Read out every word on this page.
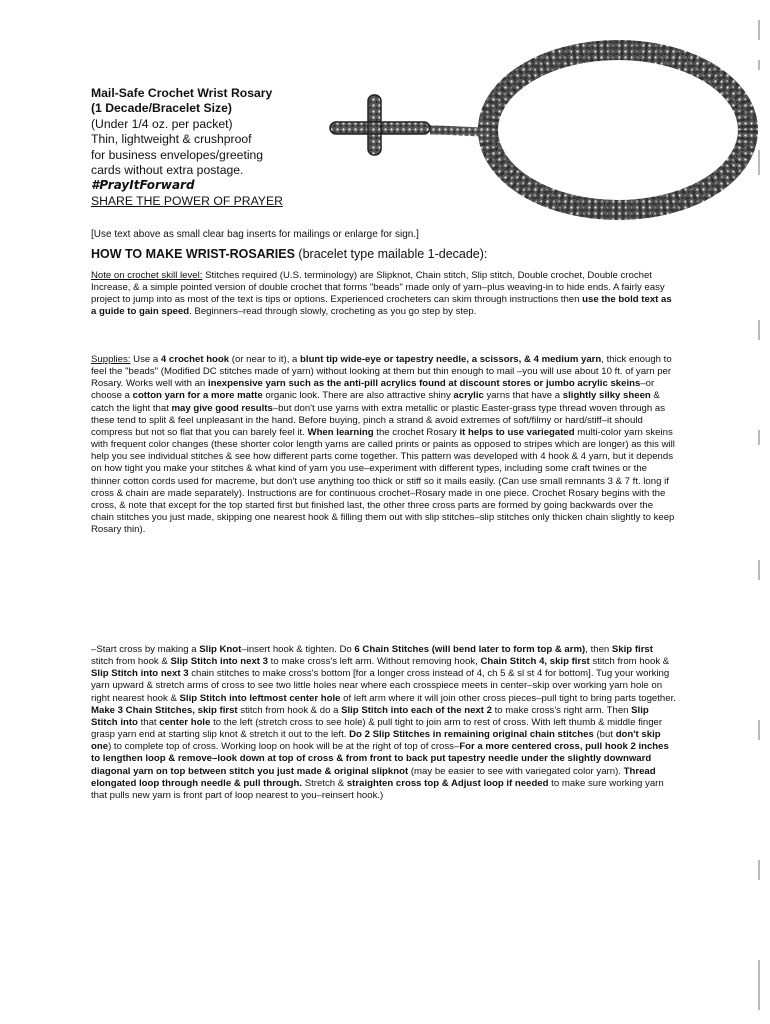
Mail-Safe Crochet Wrist Rosary
(1 Decade/Bracelet Size)
(Under 1/4 oz. per packet)
Thin, lightweight & crushproof
for business envelopes/greeting
cards without extra postage.
#PrayItForward
SHARE THE POWER OF PRAYER
[Use text above as small clear bag inserts for mailings or enlarge for sign.]
HOW TO MAKE WRIST-ROSARIES (bracelet type mailable 1-decade):
Note on crochet skill level: Stitches required (U.S. terminology) are Slipknot, Chain stitch, Slip stitch, Double crochet, Double crochet Increase, & a simple pointed version of double crochet that forms "beads" made only of yarn–plus weaving-in to hide ends. A fairly easy project to jump into as most of the text is tips or options. Experienced crocheters can skim through instructions then use the bold text as a guide to gain speed. Beginners–read through slowly, crocheting as you go step by step.
Supplies: Use a 4 crochet hook (or near to it), a blunt tip wide-eye or tapestry needle, a scissors, & 4 medium yarn, thick enough to feel the "beads" (Modified DC stitches made of yarn) without looking at them but thin enough to mail –you will use about 10 ft. of yarn per Rosary. Works well with an inexpensive yarn such as the anti-pill acrylics found at discount stores or jumbo acrylic skeins–or choose a cotton yarn for a more matte organic look. There are also attractive shiny acrylic yarns that have a slightly silky sheen & catch the light that may give good results–but don't use yarns with extra metallic or plastic Easter-grass type thread woven through as these tend to split & feel unpleasant in the hand. Before buying, pinch a strand & avoid extremes of soft/filmy or hard/stiff–it should compress but not so flat that you can barely feel it. When learning the crochet Rosary it helps to use variegated multi-color yarn skeins with frequent color changes (these shorter color length yarns are called prints or paints as opposed to stripes which are longer) as this will help you see individual stitches & see how different parts come together. This pattern was developed with 4 hook & 4 yarn, but it depends on how tight you make your stitches & what kind of yarn you use–experiment with different types, including some craft twines or the thinner cotton cords used for macreme, but don't use anything too thick or stiff so it mails easily. (Can use small remnants 3 & 7 ft. long if cross & chain are made separately). Instructions are for continuous crochet–Rosary made in one piece. Crochet Rosary begins with the cross, & note that except for the top started first but finished last, the other three cross parts are formed by going backwards over the chain stitches you just made, skipping one nearest hook & filling them out with slip stitches–slip stitches only thicken chain slightly to keep Rosary thin).
–Start cross by making a Slip Knot–insert hook & tighten. Do 6 Chain Stitches (will bend later to form top & arm), then Skip first stitch from hook & Slip Stitch into next 3 to make cross's left arm. Without removing hook, Chain Stitch 4, skip first stitch from hook & Slip Stitch into next 3 chain stitches to make cross's bottom [for a longer cross instead of 4, ch 5 & sl st 4 for bottom]. Tug your working yarn upward & stretch arms of cross to see two little holes near where each crosspiece meets in center–skip over working yarn hole on right nearest hook & Slip Stitch into leftmost center hole of left arm where it will join other cross pieces–pull tight to bring parts together. Make 3 Chain Stitches, skip first stitch from hook & do a Slip Stitch into each of the next 2 to make cross's right arm. Then Slip Stitch into that center hole to the left (stretch cross to see hole) & pull tight to join arm to rest of cross. With left thumb & middle finger grasp yarn end at starting slip knot & stretch it out to the left. Do 2 Slip Stitches in remaining original chain stitches (but don't skip one) to complete top of cross. Working loop on hook will be at the right of top of cross–For a more centered cross, pull hook 2 inches to lengthen loop & remove–look down at top of cross & from front to back put tapestry needle under the slightly downward diagonal yarn on top between stitch you just made & original slipknot (may be easier to see with variegated color yarn). Thread elongated loop through needle & pull through. Stretch & straighten cross top & Adjust loop if needed to make sure working yarn that pulls new yarn is front part of loop nearest to you–reinsert hook.)
